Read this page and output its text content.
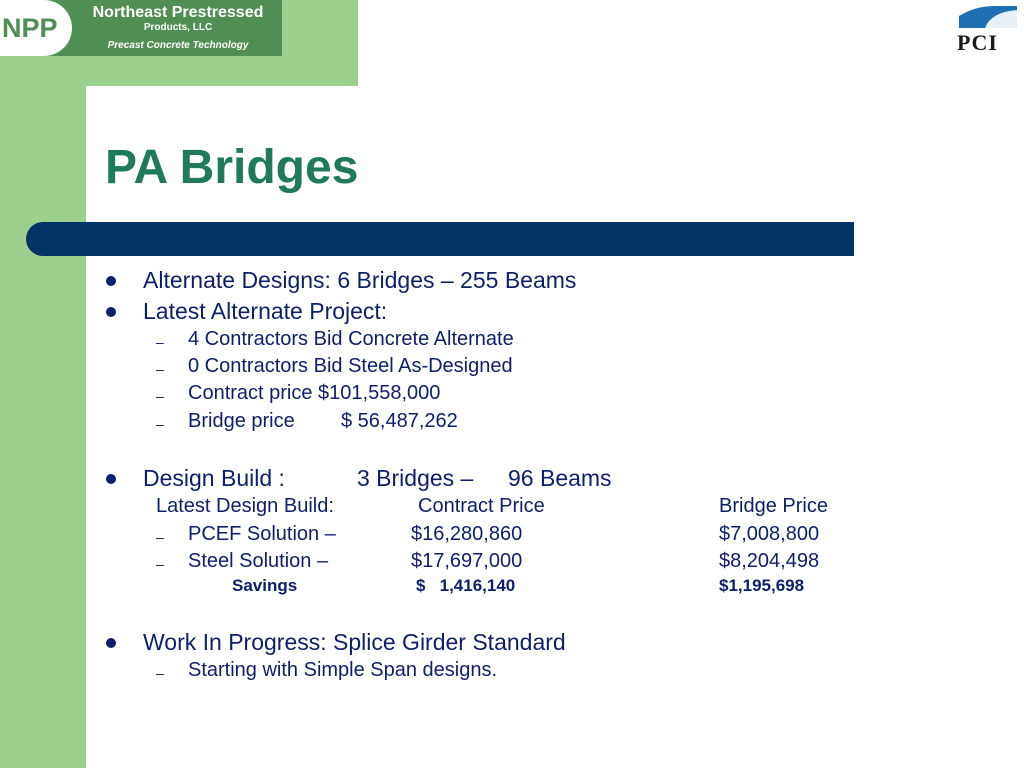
NPP
Northeast Prestressed
Products, LLC
Precast Concrete Technology	PCI
PA Bridges
Alternate Designs: 6 Bridges – 255 Beams
Latest Alternate Project:
– 4 Contractors Bid Concrete Alternate
– 0 Contractors Bid Steel As-Designed
– Contract price $101,558,000
– Bridge price $ 56,487,262
Design Build :	3 Bridges – 96 Beams
Latest Design Build:	Contract Price	Bridge Price
– PCEF Solution –	$16,280,860	$7,008,800
– Steel Solution –	$17,697,000	$8,204,498
Savings	$   1,416,140	$1,195,698
Work In Progress: Splice Girder Standard
– Starting with Simple Span designs.
